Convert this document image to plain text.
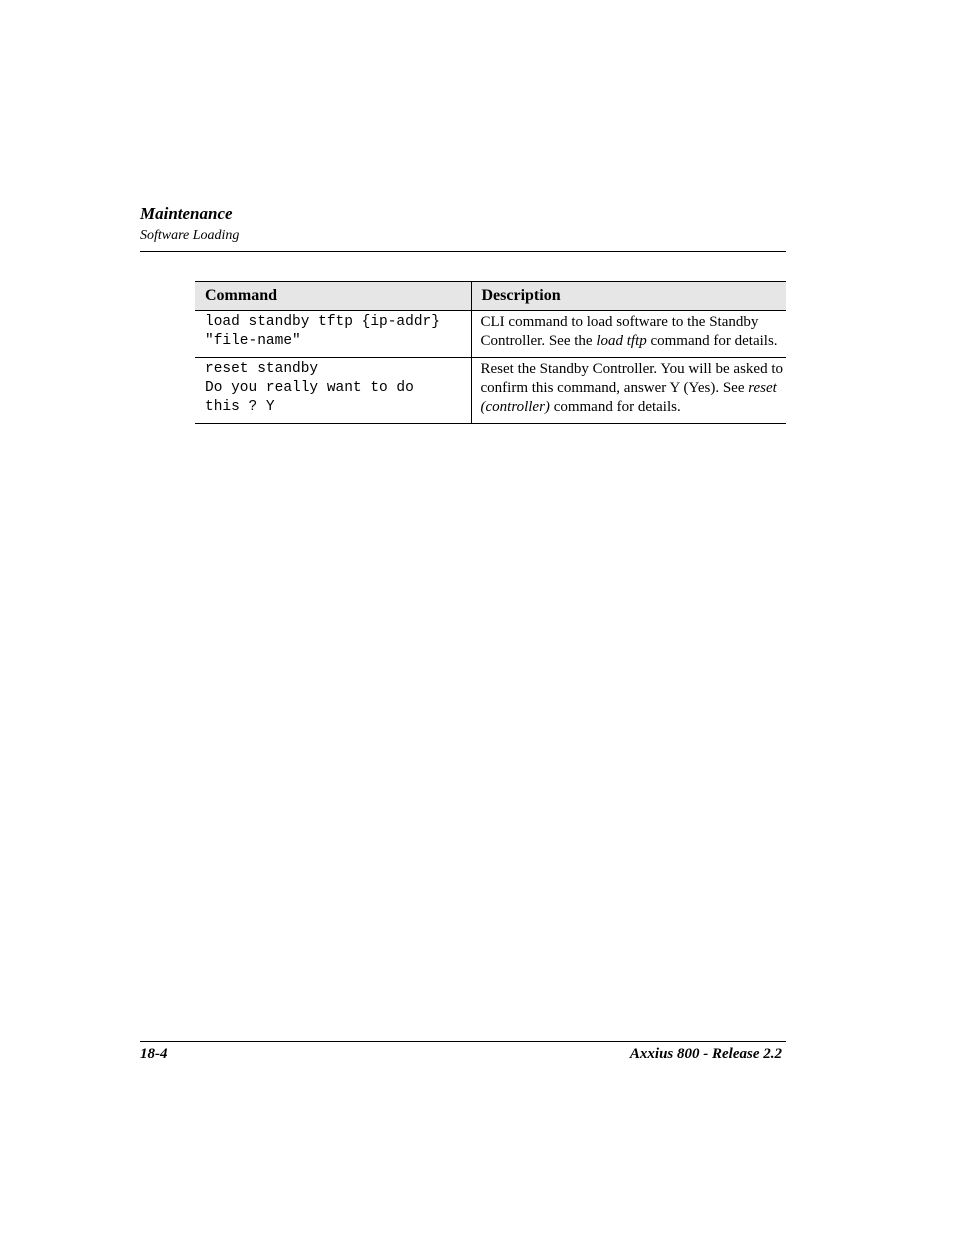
Maintenance
Software Loading
Command	Description

load standby tftp {ip-addr}
"file-name"	CLI command to load software to the Standby Controller. See the load tftp command for details.

reset standby
Do you really want to do
this ? Y	Reset the Standby Controller. You will be asked to confirm this command, answer Y (Yes). See reset (controller) command for details.
18-4	Axxius 800 - Release 2.2
